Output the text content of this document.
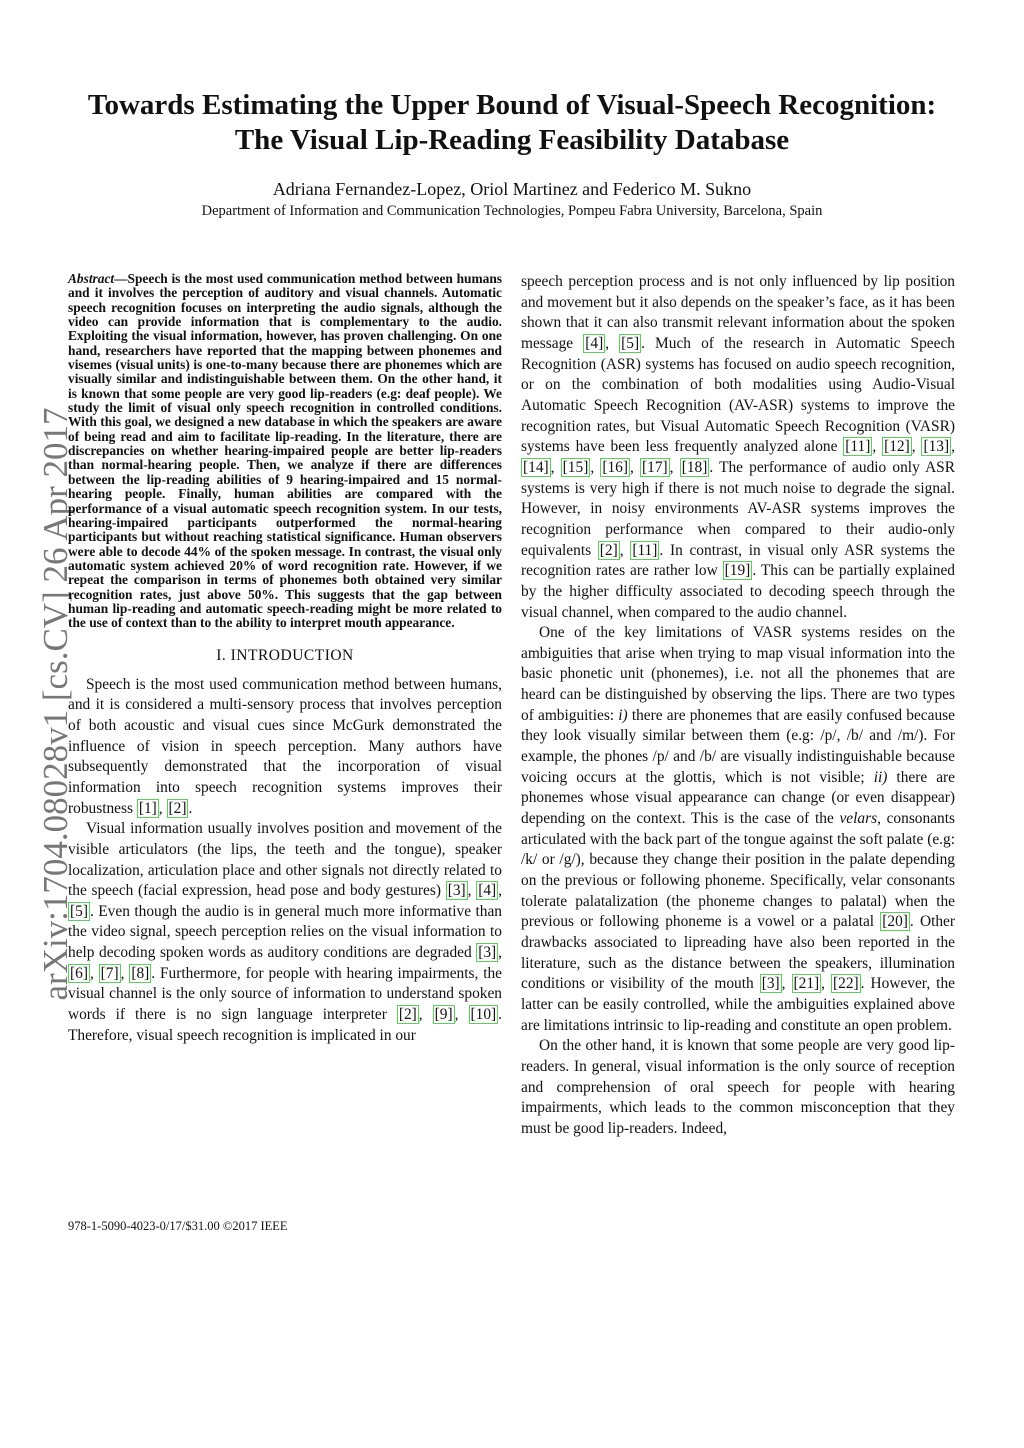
Towards Estimating the Upper Bound of Visual-Speech Recognition:
The Visual Lip-Reading Feasibility Database
Adriana Fernandez-Lopez, Oriol Martinez and Federico M. Sukno
Department of Information and Communication Technologies, Pompeu Fabra University, Barcelona, Spain
arXiv:1704.08028v1 [cs.CV] 26 Apr 2017

Abstract—Speech is the most used communication method between humans and it involves the perception of auditory and visual channels. Automatic speech recognition focuses on interpreting the audio signals, although the video can provide information that is complementary to the audio. Exploiting the visual information, however, has proven challenging. On one hand, researchers have reported that the mapping between phonemes and visemes (visual units) is one-to-many because there are phonemes which are visually similar and indistinguishable between them. On the other hand, it is known that some people are very good lip-readers (e.g: deaf people). We study the limit of visual only speech recognition in controlled conditions. With this goal, we designed a new database in which the speakers are aware of being read and aim to facilitate lip-reading. In the literature, there are discrepancies on whether hearing-impaired people are better lip-readers than normal-hearing people. Then, we analyze if there are differences between the lip-reading abilities of 9 hearing-impaired and 15 normal-hearing people. Finally, human abilities are compared with the performance of a visual automatic speech recognition system. In our tests, hearing-impaired participants outperformed the normal-hearing participants but without reaching statistical significance. Human observers were able to decode 44% of the spoken message. In contrast, the visual only automatic system achieved 20% of word recognition rate. However, if we repeat the comparison in terms of phonemes both obtained very similar recognition rates, just above 50%. This suggests that the gap between human lip-reading and automatic speech-reading might be more related to the use of context than to the ability to interpret mouth appearance.

I. INTRODUCTION

Speech is the most used communication method between humans, and it is considered a multi-sensory process that involves perception of both acoustic and visual cues since McGurk demonstrated the influence of vision in speech perception. Many authors have subsequently demonstrated that the incorporation of visual information into speech recognition systems improves their robustness [1] , [2] .

Visual information usually involves position and movement of the visible articulators (the lips, the teeth and the tongue), speaker localization, articulation place and other signals not directly related to the speech (facial expression, head pose and body gestures) [3] , [4] , [5] . Even though the audio is in general much more informative than the video signal, speech perception relies on the visual information to help decoding spoken words as auditory conditions are degraded [3] , [6] , [7] , [8] . Furthermore, for people with hearing impairments, the visual channel is the only source of information to understand spoken words if there is no sign language interpreter [2] , [9] , [10] . Therefore, visual speech recognition is implicated in our

978-1-5090-4023-0/17/$31.00 ©2017 IEEE

speech perception process and is not only influenced by lip position and movement but it also depends on the speaker’s face, as it has been shown that it can also transmit relevant information about the spoken message [4] , [5] . Much of the research in Automatic Speech Recognition (ASR) systems has focused on audio speech recognition, or on the combination of both modalities using Audio-Visual Automatic Speech Recognition (AV-ASR) systems to improve the recognition rates, but Visual Automatic Speech Recognition (VASR) systems have been less frequently analyzed alone [11] , [12] , [13] , [14] , [15] , [16] , [17] , [18] . The performance of audio only ASR systems is very high if there is not much noise to degrade the signal. However, in noisy environments AV-ASR systems improves the recognition performance when compared to their audio-only equivalents [2] , [11] . In contrast, in visual only ASR systems the recognition rates are rather low [19] . This can be partially explained by the higher difficulty associated to decoding speech through the visual channel, when compared to the audio channel.

One of the key limitations of VASR systems resides on the ambiguities that arise when trying to map visual information into the basic phonetic unit (phonemes), i.e. not all the phonemes that are heard can be distinguished by observing the lips. There are two types of ambiguities: i) there are phonemes that are easily confused because they look visually similar between them (e.g: /p/, /b/ and /m/). For example, the phones /p/ and /b/ are visually indistinguishable because voicing occurs at the glottis, which is not visible; ii) there are phonemes whose visual appearance can change (or even disappear) depending on the context. This is the case of the velars, consonants articulated with the back part of the tongue against the soft palate (e.g: /k/ or /g/), because they change their position in the palate depending on the previous or following phoneme. Specifically, velar consonants tolerate palatalization (the phoneme changes to palatal) when the previous or following phoneme is a vowel or a palatal [20] . Other drawbacks associated to lipreading have also been reported in the literature, such as the distance between the speakers, illumination conditions or visibility of the mouth [3] , [21] , [22] . However, the latter can be easily controlled, while the ambiguities explained above are limitations intrinsic to lip-reading and constitute an open problem.

On the other hand, it is known that some people are very good lip-readers. In general, visual information is the only source of reception and comprehension of oral speech for people with hearing impairments, which leads to the common misconception that they must be good lip-readers. Indeed,
